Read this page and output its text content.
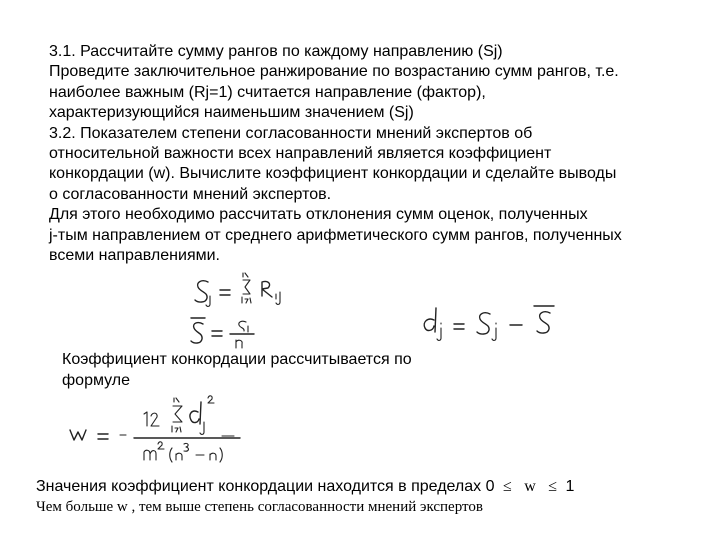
3.1. Рассчитайте сумму рангов по каждому направлению (Sj)
Проведите заключительное ранжирование по возрастанию сумм рангов, т.е.
наиболее важным (Rj=1) считается направление (фактор),
характеризующийся наименьшим значением (Sj)
3.2. Показателем степени согласованности мнений экспертов об
относительной важности всех направлений является коэффициент
конкордации (w). Вычислите коэффициент конкордации и сделайте выводы
о согласованности мнений экспертов.
Для этого необходимо рассчитать отклонения сумм оценок, полученных
j-тым направлением от среднего арифметического сумм рангов, полученных
всеми направлениями.
Коэффициент конкордации рассчитывается по
формуле
Значения коэффициент конкордации находится в пределах 0 ≤ w ≤ 1
Чем больше w , тем выше степень согласованности мнений экспертов
